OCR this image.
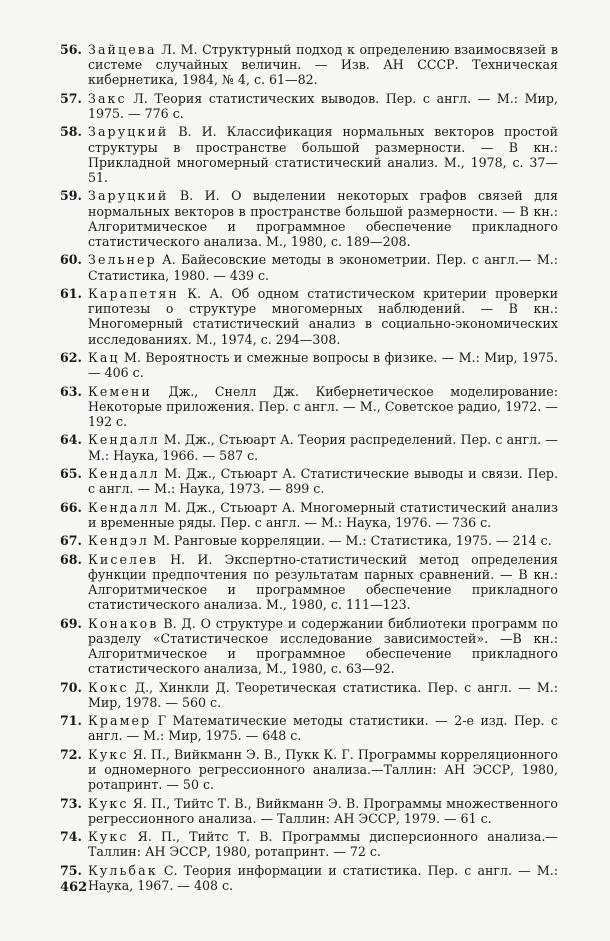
56. Зайцева Л. М. Структурный подход к определению взаимосвязей в системе случайных величин. — Изв. АН СССР. Техническая кибернетика, 1984, № 4, с. 61—82.
57. Закс Л. Теория статистических выводов. Пер. с англ. — М.: Мир, 1975. — 776 с.
58. Заруцкий В. И. Классификация нормальных векторов простой структуры в пространстве большой размерности. — В кн.: Прикладной многомерный статистический анализ. М., 1978, с. 37—51.
59. Заруцкий В. И. О выделении некоторых графов связей для нормальных векторов в пространстве большой размерности. — В кн.: Алгоритмическое и программное обеспечение прикладного статистического анализа. М., 1980, с. 189—208.
60. Зельнер А. Байесовские методы в эконометрии. Пер. с англ.— М.: Статистика, 1980. — 439 с.
61. Карапетян К. А. Об одном статистическом критерии проверки гипотезы о структуре многомерных наблюдений. — В кн.: Многомерный статистический анализ в социально-экономических исследованиях. М., 1974, с. 294—308.
62. Кац М. Вероятность и смежные вопросы в физике. — М.: Мир, 1975. — 406 с.
63. Кемени Дж., Снелл Дж. Кибернетическое моделирование: Некоторые приложения. Пер. с англ. — М., Советское радио, 1972. — 192 с.
64. Кендалл М. Дж., Стьюарт А. Теория распределений. Пер. с англ. — М.: Наука, 1966. — 587 с.
65. Кендалл М. Дж., Стьюарт А. Статистические выводы и связи. Пер. с англ. — М.: Наука, 1973. — 899 с.
66. Кендалл М. Дж., Стьюарт А. Многомерный статистический анализ и временные ряды. Пер. с англ. — М.: Наука, 1976. — 736 с.
67. Кендэл М. Ранговые корреляции. — М.: Статистика, 1975. — 214 с.
68. Киселев Н. И. Экспертно-статистический метод определения функции предпочтения по результатам парных сравнений. — В кн.: Алгоритмическое и программное обеспечение прикладного статистического анализа. М., 1980, с. 111—123.
69. Конаков В. Д. О структуре и содержании библиотеки программ по разделу «Статистическое исследование зависимостей». —В кн.: Алгоритмическое и программное обеспечение прикладного статистического анализа, М., 1980, с. 63—92.
70. Кокс Д., Хинкли Д. Теоретическая статистика. Пер. с англ. — М.: Мир, 1978. — 560 с.
71. Крамер Г Математические методы статистики. — 2-е изд. Пер. с англ. — М.: Мир, 1975. — 648 с.
72. Кукс Я. П., Вийкманн Э. В., Пукк К. Г. Программы корреляционного и одномерного регрессионного анализа.—Таллин: АН ЭССР, 1980, ротапринт. — 50 с.
73. Кукс Я. П., Тийтс Т. В., Вийкманн Э. В. Программы множественного регрессионного анализа. — Таллин: АН ЭССР, 1979. — 61 с.
74. Кукс Я. П., Тийтс Т. В. Программы дисперсионного анализа.— Таллин: АН ЭССР, 1980, ротапринт. — 72 с.
75. Кульбак С. Теория информации и статистика. Пер. с англ. — М.: Наука, 1967. — 408 с.
462
